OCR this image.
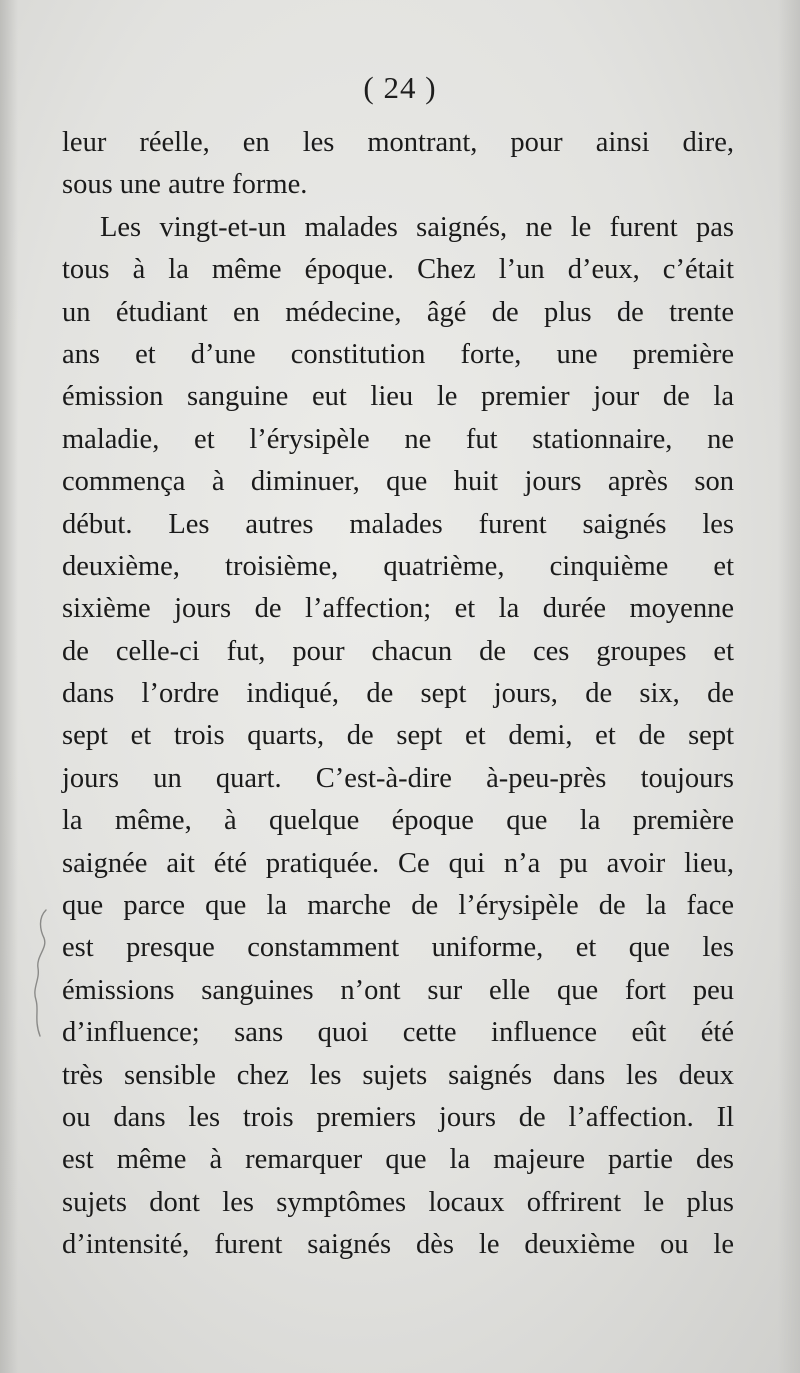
( 24 )
leur réelle, en les montrant, pour ainsi dire,
sous une autre forme.
Les vingt-et-un malades saignés, ne le furent pas
tous à la même époque. Chez l’un d’eux, c’était
un étudiant en médecine, âgé de plus de trente
ans et d’une constitution forte, une première
émission sanguine eut lieu le premier jour de la
maladie, et l’érysipèle ne fut stationnaire, ne
commença à diminuer, que huit jours après son
début. Les autres malades furent saignés les
deuxième, troisième, quatrième, cinquième et
sixième jours de l’affection; et la durée moyenne
de celle-ci fut, pour chacun de ces groupes et
dans l’ordre indiqué, de sept jours, de six, de
sept et trois quarts, de sept et demi, et de sept
jours un quart. C’est-à-dire à-peu-près toujours
la même, à quelque époque que la première
saignée ait été pratiquée. Ce qui n’a pu avoir lieu,
que parce que la marche de l’érysipèle de la face
est presque constamment uniforme, et que les
émissions sanguines n’ont sur elle que fort peu
d’influence; sans quoi cette influence eût été
très sensible chez les sujets saignés dans les deux
ou dans les trois premiers jours de l’affection. Il
est même à remarquer que la majeure partie des
sujets dont les symptômes locaux offrirent le plus
d’intensité, furent saignés dès le deuxième ou le
